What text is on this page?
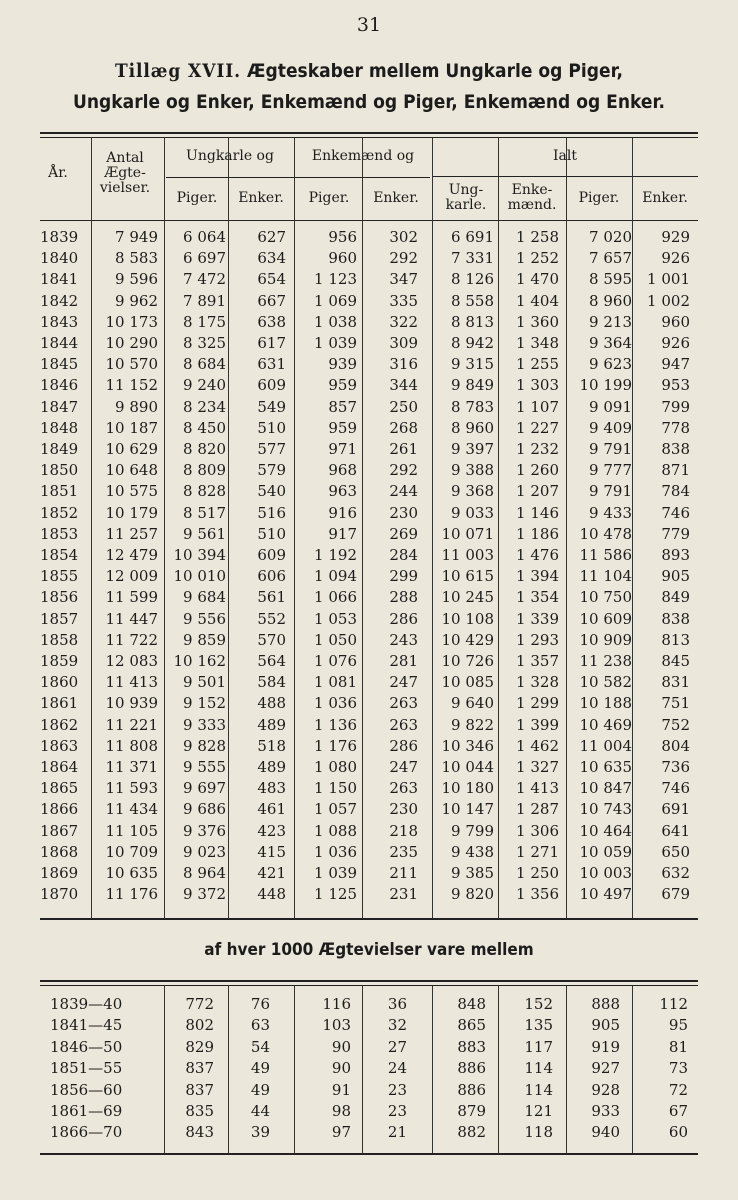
31
Tillæg XVII. Ægteskaber mellem Ungkarle og Piger,
Ungkarle og Enker, Enkemænd og Piger, Enkemænd og Enker.
År.
Antal Ægte- vielser.
Ungkarle og	Enkemænd og	Ialt
Piger.	Enker.	Piger.	Enker.	Ung- karle.
Enke- mænd.	Piger.	Enker.
1839	7 949	6 064	627	956	302	6 691	1 258	7 020	929
1840	8 583	6 697	634	960	292	7 331	1 252	7 657	926
1841	9 596	7 472	654	1 123	347	8 126	1 470	8 595	1 001
1842	9 962	7 891	667	1 069	335	8 558	1 404	8 960	1 002
1843	10 173	8 175	638	1 038	322	8 813	1 360	9 213	960
1844	10 290	8 325	617	1 039	309	8 942	1 348	9 364	926
1845	10 570	8 684	631	939	316	9 315	1 255	9 623	947
1846	11 152	9 240	609	959	344	9 849	1 303	10 199	953
1847	9 890	8 234	549	857	250	8 783	1 107	9 091	799
1848	10 187	8 450	510	959	268	8 960	1 227	9 409	778
1849	10 629	8 820	577	971	261	9 397	1 232	9 791	838
1850	10 648	8 809	579	968	292	9 388	1 260	9 777	871
1851	10 575	8 828	540	963	244	9 368	1 207	9 791	784
1852	10 179	8 517	516	916	230	9 033	1 146	9 433	746
1853	11 257	9 561	510	917	269	10 071	1 186	10 478	779
1854	12 479	10 394	609	1 192	284	11 003	1 476	11 586	893
1855	12 009	10 010	606	1 094	299	10 615	1 394	11 104	905
1856	11 599	9 684	561	1 066	288	10 245	1 354	10 750	849
1857	11 447	9 556	552	1 053	286	10 108	1 339	10 609	838
1858	11 722	9 859	570	1 050	243	10 429	1 293	10 909	813
1859	12 083	10 162	564	1 076	281	10 726	1 357	11 238	845
1860	11 413	9 501	584	1 081	247	10 085	1 328	10 582	831
1861	10 939	9 152	488	1 036	263	9 640	1 299	10 188	751
1862	11 221	9 333	489	1 136	263	9 822	1 399	10 469	752
1863	11 808	9 828	518	1 176	286	10 346	1 462	11 004	804
1864	11 371	9 555	489	1 080	247	10 044	1 327	10 635	736
1865	11 593	9 697	483	1 150	263	10 180	1 413	10 847	746
1866	11 434	9 686	461	1 057	230	10 147	1 287	10 743	691
1867	11 105	9 376	423	1 088	218	9 799	1 306	10 464	641
1868	10 709	9 023	415	1 036	235	9 438	1 271	10 059	650
1869	10 635	8 964	421	1 039	211	9 385	1 250	10 003	632
1870	11 176	9 372	448	1 125	231	9 820	1 356	10 497	679
af hver 1000 Ægtevielser vare mellem
1839—40	772	76	116	36	848	152	888	112
1841—45	802	63	103	32	865	135	905	95
1846—50	829	54	90	27	883	117	919	81
1851—55	837	49	90	24	886	114	927	73
1856—60	837	49	91	23	886	114	928	72
1861—69	835	44	98	23	879	121	933	67
1866—70	843	39	97	21	882	118	940	60
